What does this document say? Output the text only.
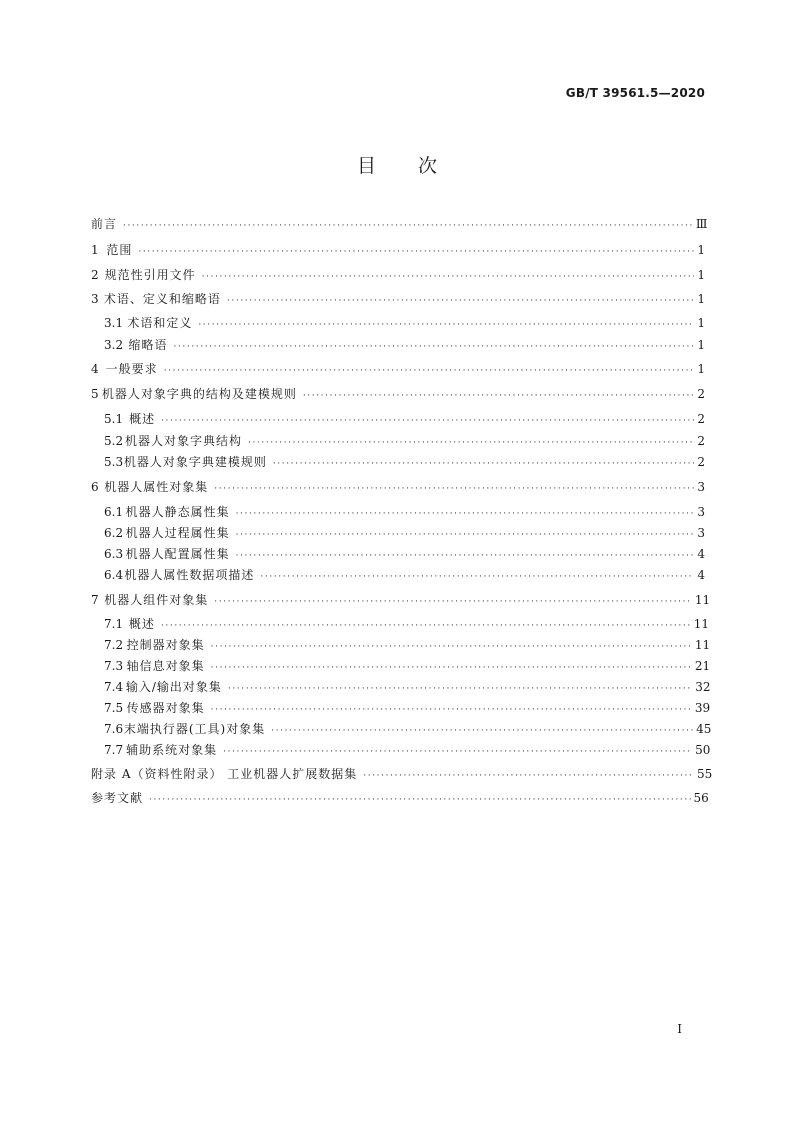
GB/T 39561.5—2020
目 次
前言 ·····	Ⅲ
1 范围 ·····	1
2 规范性引用文件 ·····	1
3 术语、定义和缩略语 ·····	1
3.1 术语和定义 ·····	1
3.2 缩略语 ·····	1
4 一般要求 ·····	1
5 机器人对象字典的结构及建模规则 ·····	2
5.1 概述 ·····	2
5.2 机器人对象字典结构 ·····	2
5.3 机器人对象字典建模规则 ·····	2
6 机器人属性对象集 ·····	3
6.1 机器人静态属性集 ·····	3
6.2 机器人过程属性集 ·····	3
6.3 机器人配置属性集 ·····	4
6.4 机器人属性数据项描述 ·····	4
7 机器人组件对象集 ·····	11
7.1 概述 ·····	11
7.2 控制器对象集 ·····	11
7.3 轴信息对象集 ·····	21
7.4 输入/输出对象集 ·····	32
7.5 传感器对象集 ·····	39
7.6 末端执行器(工具)对象集 ·····	45
7.7 辅助系统对象集 ·····	50
附录 A（资料性附录） 工业机器人扩展数据集 ·····	55
参考文献 ·····	56
I
